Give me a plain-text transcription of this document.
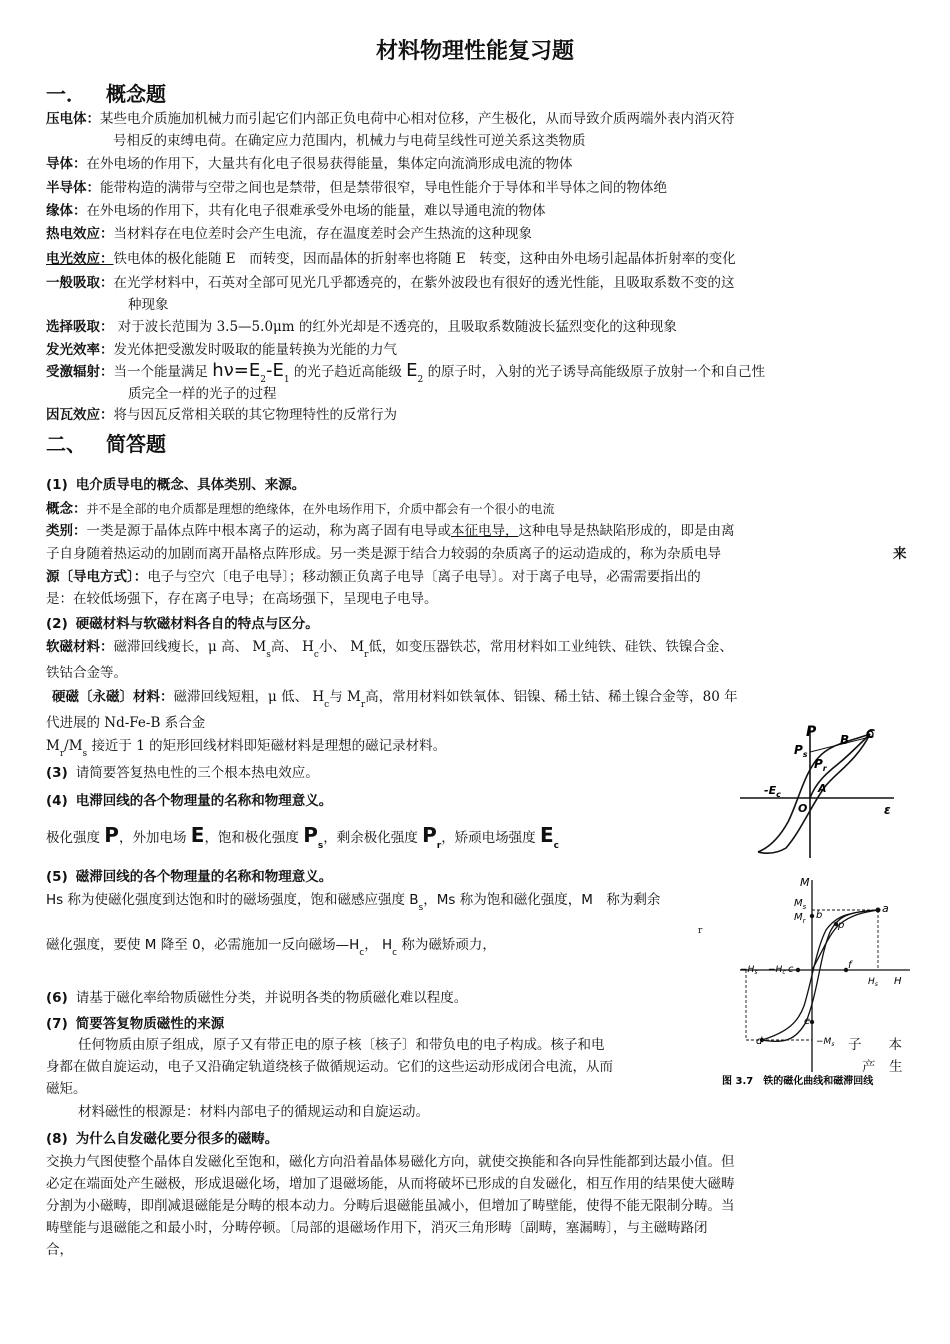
材料物理性能复习题
一． 概念题
压电体：某些电介质施加机械力而引起它们内部正负电荷中心相对位移，产生极化，从而导致介质两端外表内消灭符
号相反的束缚电荷。在确定应力范围内，机械力与电荷呈线性可逆关系这类物质
导体：在外电场的作用下，大量共有化电子很易获得能量，集体定向流淌形成电流的物体
半导体：能带构造的满带与空带之间也是禁带，但是禁带很窄，导电性能介于导体和半导体之间的物体绝
缘体：在外电场的作用下，共有化电子很难承受外电场的能量，难以导通电流的物体
热电效应：当材料存在电位差时会产生电流，存在温度差时会产生热流的这种现象
电光效应：铁电体的极化能随 E　而转变，因而晶体的折射率也将随 E　转变，这种由外电场引起晶体折射率的变化
一般吸取：在光学材料中，石英对全部可见光几乎都透亮的，在紫外波段也有很好的透光性能，且吸取系数不变的这
种现象
选择吸取： 对于波长范围为 3.5—5.0μm 的红外光却是不透亮的，且吸取系数随波长猛烈变化的这种现象
发光效率：发光体把受激发时吸取的能量转换为光能的力气
受激辐射：当一个能量满足 $h\nu=E_2-E_1$ 的光子趋近高能级 $E_2$ 的原子时，入射的光子诱导高能级原子放射一个和自己性
质完全一样的光子的过程
因瓦效应：将与因瓦反常相关联的其它物理特性的反常行为
二、 简答题
(1) 电介质导电的概念、具体类别、来源。
概念：并不是全部的电介质都是理想的绝缘体，在外电场作用下，介质中都会有一个很小的电流
类别：一类是源于晶体点阵中根本离子的运动，称为离子固有电导或本征电导，这种电导是热缺陷形成的，即是由离
子自身随着热运动的加剧而离开晶格点阵形成。另一类是源于结合力较弱的杂质离子的运动造成的，称为杂质电导	来
源〔导电方式〕：电子与空穴〔电子电导〕；移动额正负离子电导〔离子电导〕。对于离子电导，必需需要指出的
是：在较低场强下，存在离子电导；在高场强下，呈现电子电导。
(2) 硬磁材料与软磁材料各自的特点与区分。
软磁材料：磁滞回线瘦长，μ 高、 $M_s$高、 $H_c$小、 $M_r$低，如变压器铁芯，常用材料如工业纯铁、硅铁、铁镍合金、
铁钴合金等。
硬磁〔永磁〕材料：磁滞回线短粗，μ 低、 $H_c$与 $M_r$高，常用材料如铁氧体、铝镍、稀土钴、稀土镍合金等，80 年
代进展的 Nd-Fe-B 系合金
$M_r/M_s$ 接近于 1 的矩形回线材料即矩磁材料是理想的磁记录材料。
(3) 请简要答复热电性的三个根本热电效应。
(4) 电滞回线的各个物理量的名称和物理意义。
极化强度 P，外加电场 E，饱和极化强度 $P_s$，剩余极化强度 $P_r$，矫顽电场强度 $E_c$
(5) 磁滞回线的各个物理量的名称和物理意义。
Hs 称为使磁化强度到达饱和时的磁场强度，饱和磁感应强度 $B_s$，Ms 称为饱和磁化强度，M　称为剩余
$_r$
磁化强度，要使 M 降至 0，必需施加一反向磁场$—H_c$， $H_c$ 称为磁矫顽力，
(6) 请基于磁化率给物质磁性分类，并说明各类的物质磁化难以程度。
(7) 简要答复物质磁性的来源
任何物质由原子组成，原子又有带正电的原子核〔核子〕和带负电的电子构成。核子和电	子　　本
身都在做自旋运动，电子又沿确定轨道绕核子做循规运动。它们的这些运动形成闭合电流，从而	产　生
磁矩。
材料磁性的根源是：材料内部电子的循规运动和自旋运动。
(8) 为什么自发磁化要分很多的磁畴。
交换力气图使整个晶体自发磁化至饱和，磁化方向沿着晶体易磁化方向，就使交换能和各向异性能都到达最小值。但
必定在端面处产生磁极，形成退磁化场，增加了退磁场能，从而将破坏已形成的自发磁化，相互作用的结果使大磁畴
分割为小磁畴，即削减退磁能是分畴的根本动力。分畴后退磁能虽减小，但增加了畴壁能，使得不能无限制分畴。当
畴壁能与退磁能之和最小时，分畴停顿。〔局部的退磁场作用下，消灭三角形畴〔副畴，塞漏畴〕，与主磁畴路闭
合，
P
$P_s$
$P_r$
B C
A
O
$-E_c$
ε
M
$M_s$
$M_r$
a
b
p
c	f
e
d
$-H_s -H_c$
$H_s$ H
$-M_s$
图 3.7　铁的磁化曲线和磁滞回线
